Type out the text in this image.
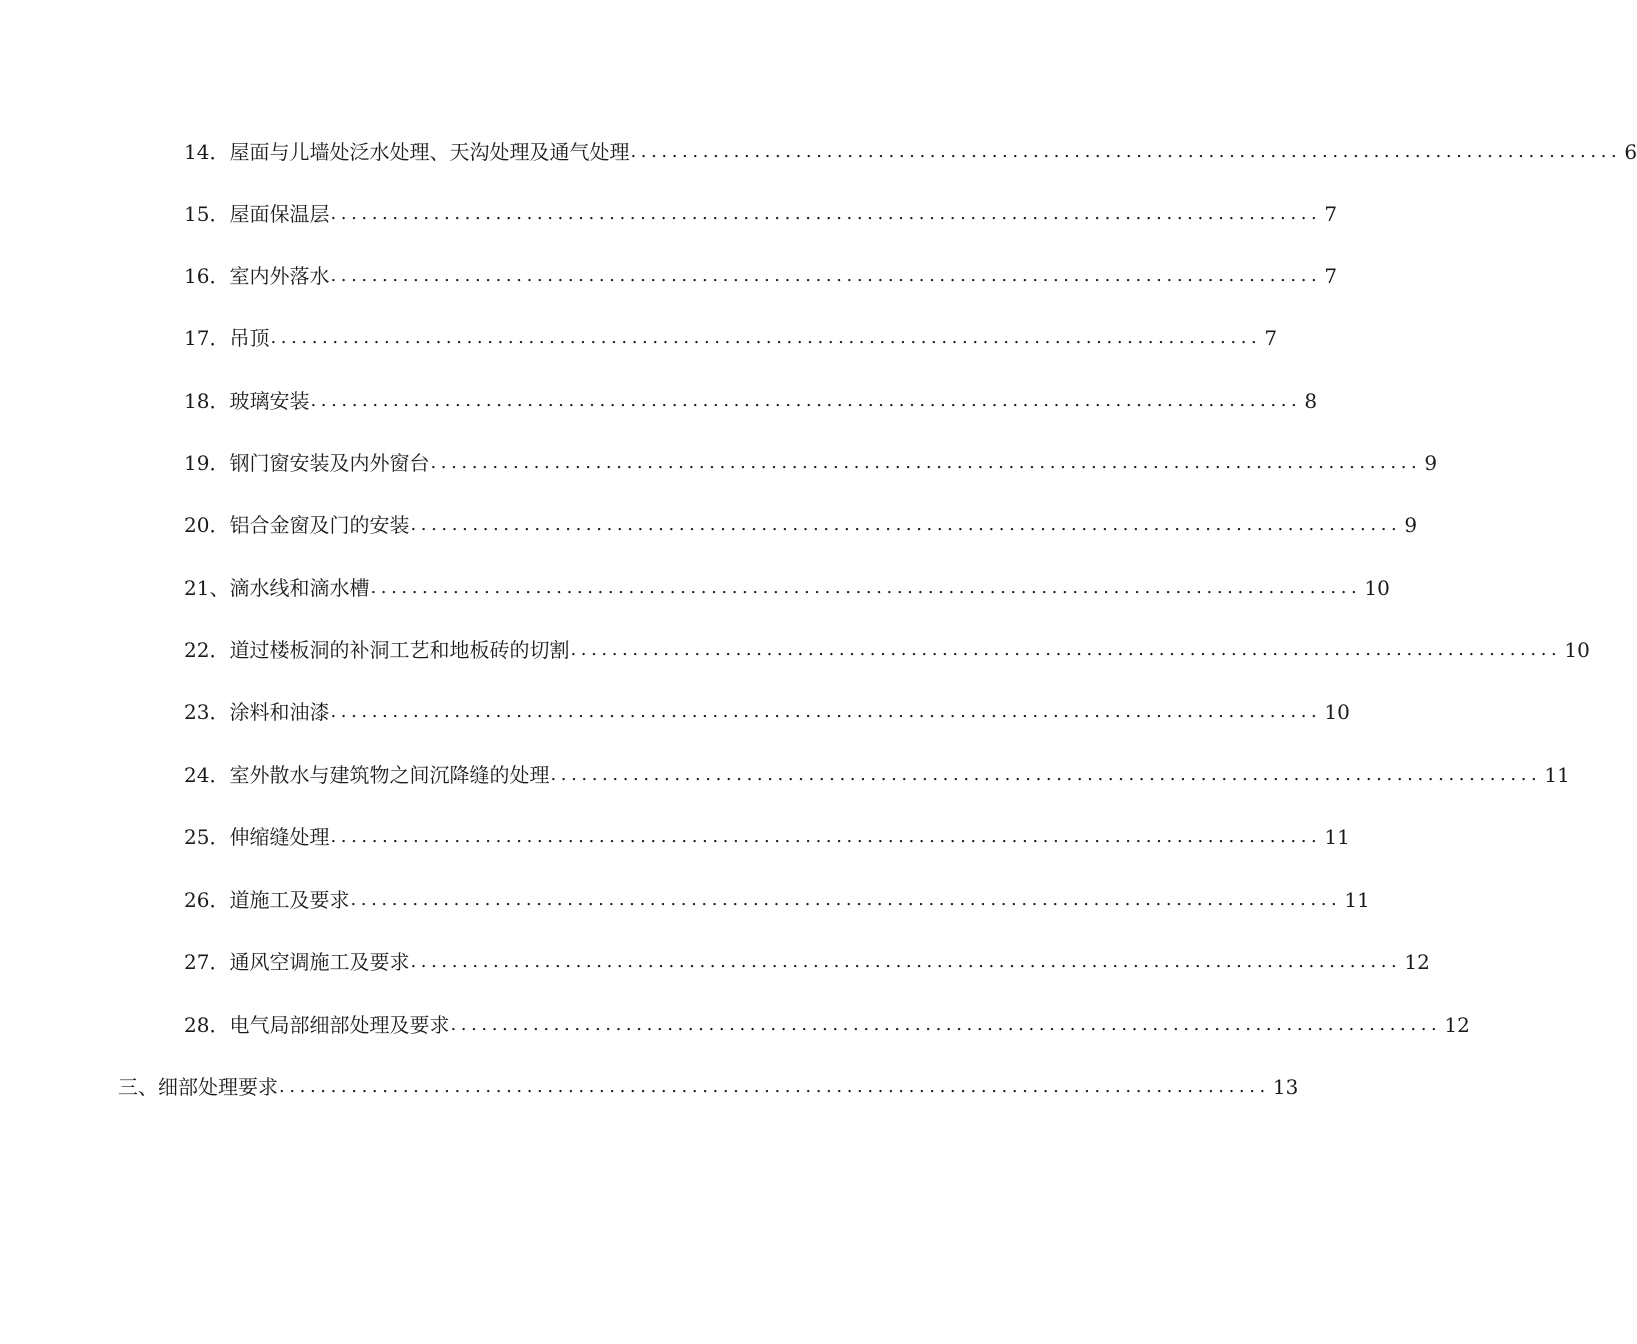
14． 屋面与儿墙处泛水处理、天沟处理及通气处理 ................................................................................................ 6
15． 屋面保温层 ................................................................................................ 7
16． 室内外落水 ................................................................................................ 7
17． 吊顶 ................................................................................................ 7
18． 玻璃安装 ................................................................................................ 8
19． 钢门窗安装及内外窗台 ................................................................................................ 9
20． 铝合金窗及门的安装 ................................................................................................ 9
21、 滴水线和滴水槽 ................................................................................................ 10
22． 道过楼板洞的补洞工艺和地板砖的切割 ................................................................................................ 10
23． 涂料和油漆 ................................................................................................ 10
24． 室外散水与建筑物之间沉降缝的处理 ................................................................................................ 11
25． 伸缩缝处理 ................................................................................................ 11
26． 道施工及要求 ................................................................................................ 11
27． 通风空调施工及要求 ................................................................................................ 12
28． 电气局部细部处理及要求 ................................................................................................ 12
三、 细部处理要求 ................................................................................................ 13
